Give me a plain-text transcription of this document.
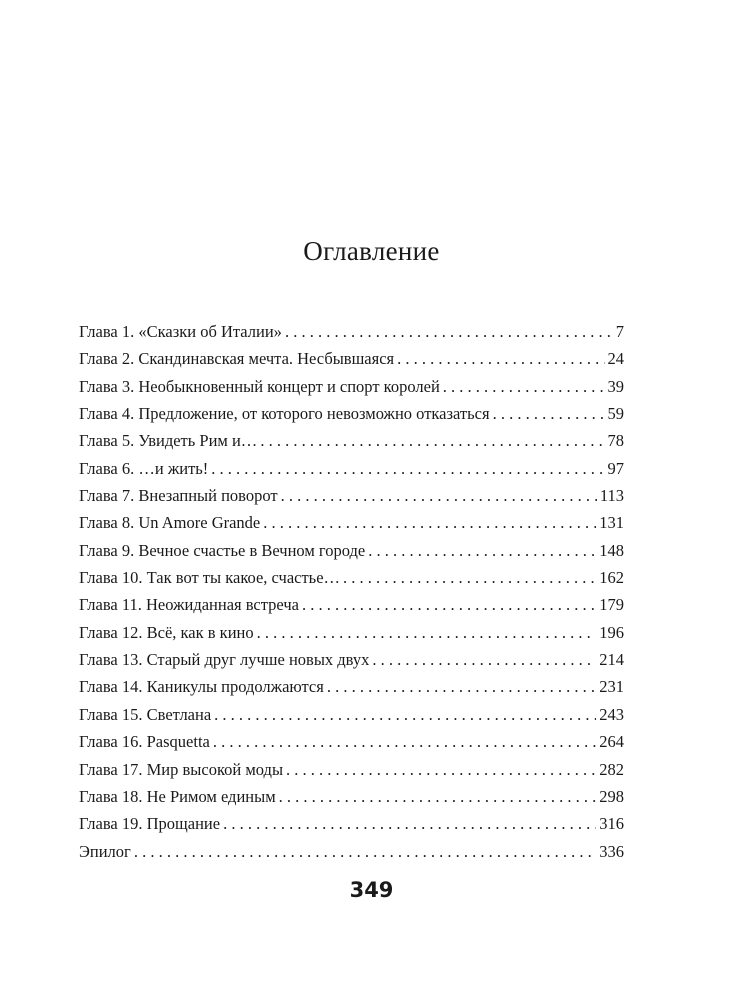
Оглавление
Глава 1. «Сказки об Италии» . . .	7
Глава 2. Скандинавская мечта. Несбывшаяся . . .	24
Глава 3. Необыкновенный концерт и спорт королей . . .	39
Глава 4. Предложение, от которого невозможно отказаться . . .	59
Глава 5. Увидеть Рим и… . . .	78
Глава 6. …и жить! . . .	97
Глава 7. Внезапный поворот . . .	113
Глава 8. Un Amore Grande . . .	131
Глава 9. Вечное счастье в Вечном городе . . .	148
Глава 10. Так вот ты какое, счастье… . . .	162
Глава 11. Неожиданная встреча . . .	179
Глава 12. Всё, как в кино . . .	196
Глава 13. Старый друг лучше новых двух . . .	214
Глава 14. Каникулы продолжаются . . .	231
Глава 15. Светлана . . .	243
Глава 16. Pasquetta . . .	264
Глава 17. Мир высокой моды . . .	282
Глава 18. Не Римом единым . . .	298
Глава 19. Прощание . . .	316
Эпилог . . .	336
349
